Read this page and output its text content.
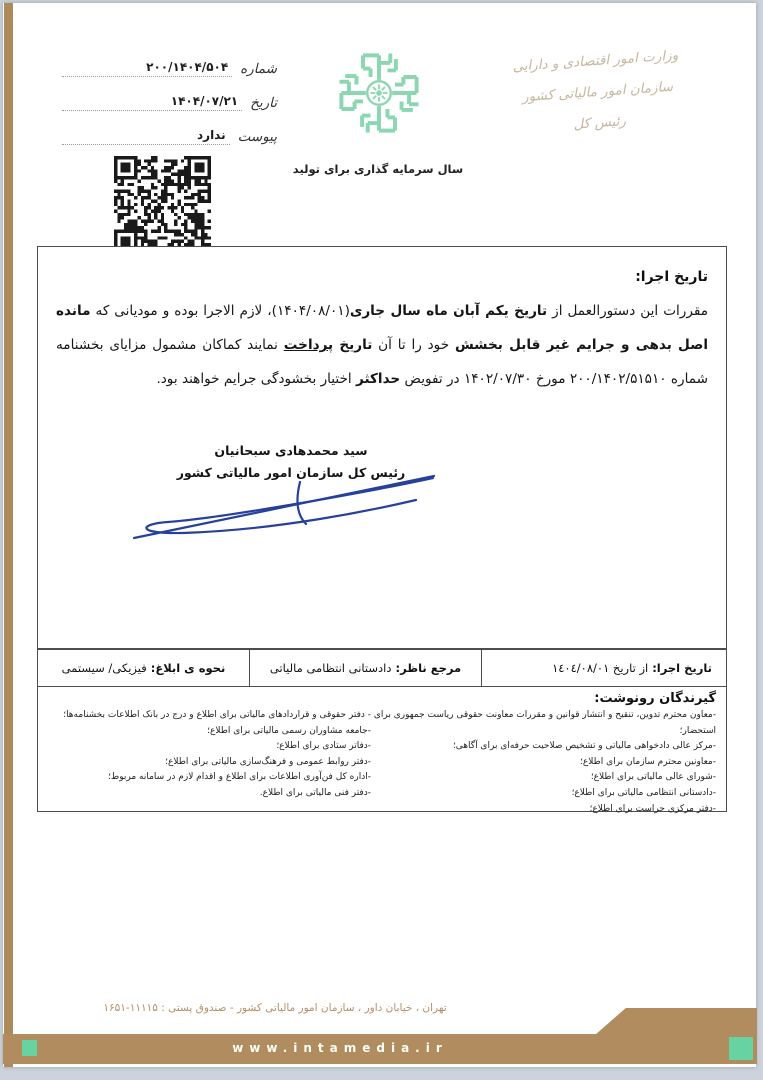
وزارت امور اقتصادی و دارایی
سازمان امور مالیاتی کشور
رئیس کل
سال سرمایه گذاری برای تولید
شماره
۲۰۰/۱۴۰۴/۵۰۴
تاریخ
۱۴۰۴/۰۷/۲۱
پیوست
ندارد
تاریخ اجرا:
مقررات این دستورالعمل از تاریخ یکم آبان ماه سال جاری(۱۴۰۴/۰۸/۰۱)، لازم الاجرا بوده و مودیانی که مانده اصل بدهی و جرایم غیر قابل بخشش خود را تا آن تاریخ پرداخت نمایند کماکان مشمول مزایای بخشنامه شماره ۲۰۰/۱۴۰۲/۵۱۵۱۰ مورخ ۱۴۰۲/۰۷/۳۰ در تفویض حداکثر اختیار بخشودگی جرایم خواهند بود.
سید محمدهادی سبحانیان
رئیس کل سازمان امور مالیاتی کشور
تاریخ اجرا:
از تاریخ ١٤٠٤/٠٨/٠١
مرجع ناظر:
دادستانی انتظامی مالیاتی
نحوه ی ابلاغ:
فیزیکی/ سیستمی
گیرندگان رونوشت:
-معاون محترم تدوین، تنقیح و انتشار قوانین و مقررات معاونت حقوقی ریاست جمهوری برای استحضار؛
-مرکز عالی دادخواهی مالیاتی و تشخیص صلاحیت حرفه‌ای برای آگاهی؛
-معاونین محترم سازمان برای اطلاع؛
-شورای عالی مالیاتی برای اطلاع؛
-دادستانی انتظامی مالیاتی برای اطلاع؛
-دفتر مرکزی حراست برای اطلاع؛
- دفتر حقوقی و قراردادهای مالیاتی برای اطلاع و درج در بانک اطلاعات بخشنامه‌ها؛
-جامعه مشاوران رسمی مالیاتی برای اطلاع؛
-دفاتر ستادی برای اطلاع؛
-دفتر روابط عمومی و فرهنگ‌سازی مالیاتی برای اطلاع؛
-اداره کل فن‌آوری اطلاعات برای اطلاع و اقدام لازم در سامانه مربوط؛
-دفتر فنی مالیاتی برای اطلاع.
تهران ، خیابان داور ، سازمان امور مالیاتی کشور - صندوق پستی : ۱۱۱۱۵-۱۶۵۱
www.intamedia.ir
